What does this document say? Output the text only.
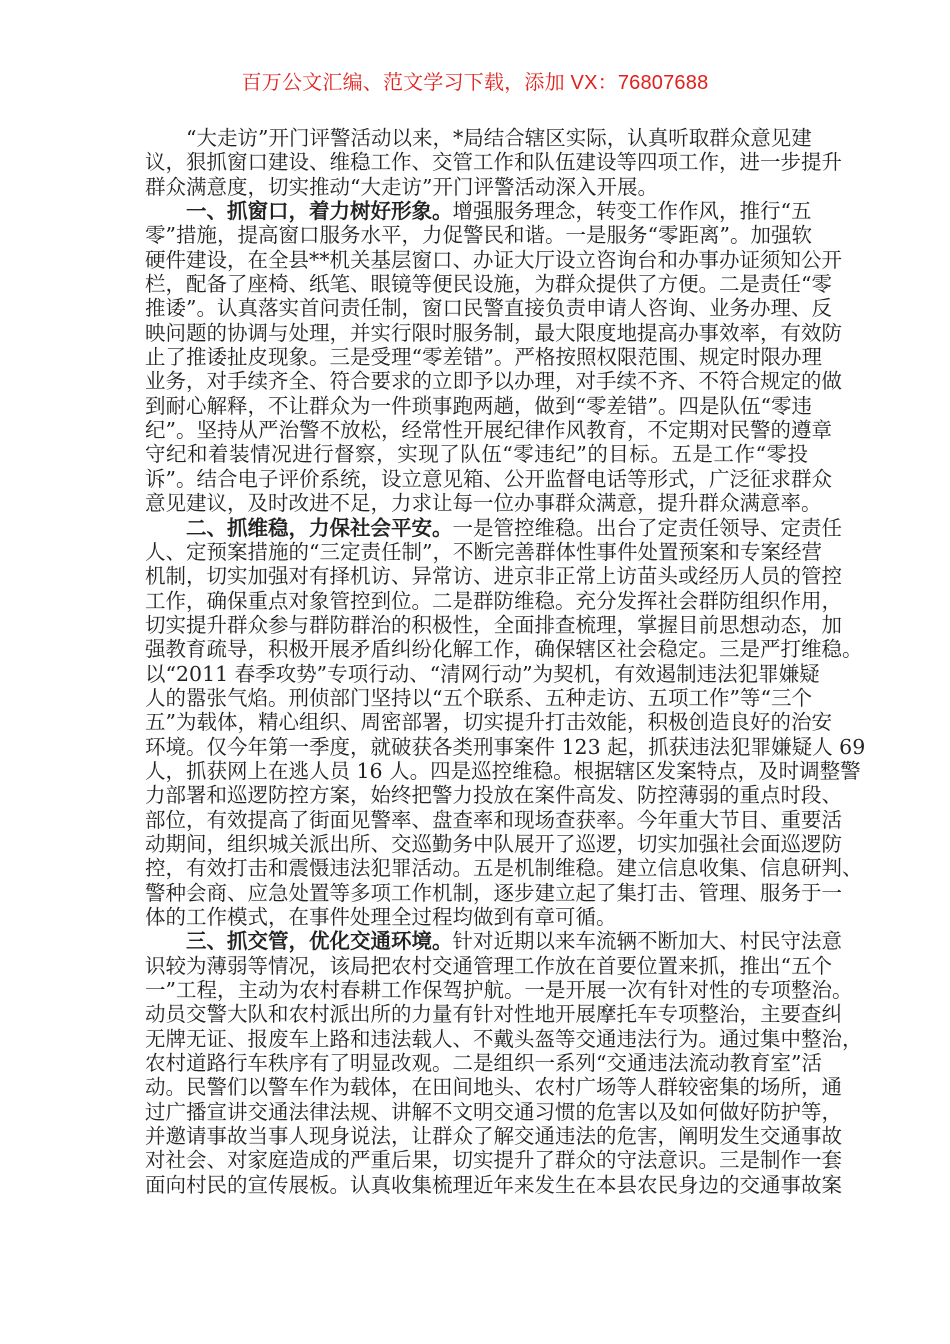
百万公文汇编、范文学习下载，添加 VX：76807688
“大走访”开门评警活动以来，*局结合辖区实际，认真听取群众意见建
议，狠抓窗口建设、维稳工作、交管工作和队伍建设等四项工作，进一步提升
群众满意度，切实推动“大走访”开门评警活动深入开展。
一、抓窗口，着力树好形象。增强服务理念，转变工作作风，推行“五
零”措施，提高窗口服务水平，力促警民和谐。一是服务“零距离”。加强软
硬件建设，在全县**机关基层窗口、办证大厅设立咨询台和办事办证须知公开
栏，配备了座椅、纸笔、眼镜等便民设施，为群众提供了方便。二是责任“零
推诿”。认真落实首问责任制，窗口民警直接负责申请人咨询、业务办理、反
映问题的协调与处理，并实行限时服务制，最大限度地提高办事效率，有效防
止了推诿扯皮现象。三是受理“零差错”。严格按照权限范围、规定时限办理
业务，对手续齐全、符合要求的立即予以办理，对手续不齐、不符合规定的做
到耐心解释，不让群众为一件琐事跑两趟，做到“零差错”。四是队伍“零违
纪”。坚持从严治警不放松，经常性开展纪律作风教育，不定期对民警的遵章
守纪和着装情况进行督察，实现了队伍“零违纪”的目标。五是工作“零投
诉”。结合电子评价系统，设立意见箱、公开监督电话等形式，广泛征求群众
意见建议，及时改进不足，力求让每一位办事群众满意，提升群众满意率。
二、抓维稳，力保社会平安。一是管控维稳。出台了定责任领导、定责任
人、定预案措施的“三定责任制”，不断完善群体性事件处置预案和专案经营
机制，切实加强对有择机访、异常访、进京非正常上访苗头或经历人员的管控
工作，确保重点对象管控到位。二是群防维稳。充分发挥社会群防组织作用，
切实提升群众参与群防群治的积极性，全面排查梳理，掌握目前思想动态，加
强教育疏导，积极开展矛盾纠纷化解工作，确保辖区社会稳定。三是严打维稳。
以“2011 春季攻势”专项行动、“清网行动”为契机，有效遏制违法犯罪嫌疑
人的嚣张气焰。刑侦部门坚持以“五个联系、五种走访、五项工作”等“三个
五”为载体，精心组织、周密部署，切实提升打击效能，积极创造良好的治安
环境。仅今年第一季度，就破获各类刑事案件 123 起，抓获违法犯罪嫌疑人 69
人，抓获网上在逃人员 16 人。四是巡控维稳。根据辖区发案特点，及时调整警
力部署和巡逻防控方案，始终把警力投放在案件高发、防控薄弱的重点时段、
部位，有效提高了街面见警率、盘查率和现场查获率。今年重大节目、重要活
动期间，组织城关派出所、交巡勤务中队展开了巡逻，切实加强社会面巡逻防
控，有效打击和震慑违法犯罪活动。五是机制维稳。建立信息收集、信息研判、
警种会商、应急处置等多项工作机制，逐步建立起了集打击、管理、服务于一
体的工作模式，在事件处理全过程均做到有章可循。
三、抓交管，优化交通环境。针对近期以来车流辆不断加大、村民守法意
识较为薄弱等情况，该局把农村交通管理工作放在首要位置来抓，推出“五个
一”工程，主动为农村春耕工作保驾护航。一是开展一次有针对性的专项整治。
动员交警大队和农村派出所的力量有针对性地开展摩托车专项整治，主要查纠
无牌无证、报废车上路和违法载人、不戴头盔等交通违法行为。通过集中整治，
农村道路行车秩序有了明显改观。二是组织一系列“交通违法流动教育室”活
动。民警们以警车作为载体，在田间地头、农村广场等人群较密集的场所，通
过广播宣讲交通法律法规、讲解不文明交通习惯的危害以及如何做好防护等，
并邀请事故当事人现身说法，让群众了解交通违法的危害，阐明发生交通事故
对社会、对家庭造成的严重后果，切实提升了群众的守法意识。三是制作一套
面向村民的宣传展板。认真收集梳理近年来发生在本县农民身边的交通事故案
